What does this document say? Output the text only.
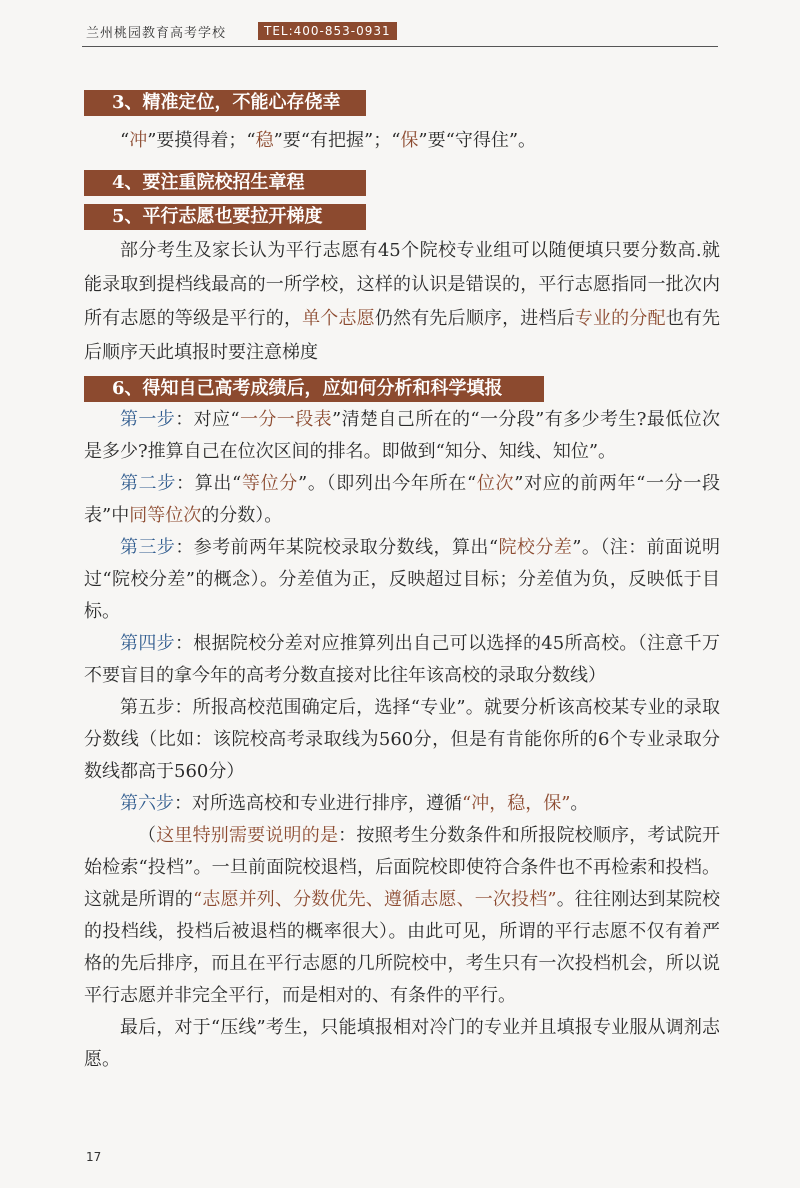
兰州桃园教育高考学校	TEL:400-853-0931
3、精准定位，不能心存侥幸

“冲”要摸得着；“稳”要“有把握”；“保”要“守得住”。

4、要注重院校招生章程
5、平行志愿也要拉开梯度

部分考生及家长认为平行志愿有45个院校专业组可以随便填只要分数高.就能录取到提档线最高的一所学校，这样的认识是错误的，平行志愿指同一批次内所有志愿的等级是平行的，单个志愿仍然有先后顺序，进档后专业的分配也有先后顺序天此填报时要注意梯度

6、得知自己高考成绩后，应如何分析和科学填报

第一步：对应“一分一段表”清楚自己所在的“一分段”有多少考生?最低位次是多少?推算自己在位次区间的排名。即做到“知分、知线、知位”。

第二步：算出“等位分”。（即列出今年所在“位次”对应的前两年“一分一段表”中同等位次的分数）。

第三步：参考前两年某院校录取分数线，算出“院校分差”。（注：前面说明过“院校分差”的概念）。分差值为正，反映超过目标；分差值为负，反映低于目标。

第四步：根据院校分差对应推算列出自己可以选择的45所高校。（注意千万不要盲目的拿今年的高考分数直接对比往年该高校的录取分数线）

第五步：所报高校范围确定后，选择“专业”。就要分析该高校某专业的录取分数线（比如：该院校高考录取线为560分，但是有肯能你所的6个专业录取分数线都高于560分）

第六步：对所选高校和专业进行排序，遵循“冲，稳，保”。

（这里特别需要说明的是：按照考生分数条件和所报院校顺序，考试院开始检索“投档”。一旦前面院校退档，后面院校即使符合条件也不再检索和投档。这就是所谓的“志愿并列、分数优先、遵循志愿、一次投档”。往往刚达到某院校的投档线，投档后被退档的概率很大）。由此可见，所谓的平行志愿不仅有着严格的先后排序，而且在平行志愿的几所院校中，考生只有一次投档机会，所以说平行志愿并非完全平行，而是相对的、有条件的平行。

最后，对于“压线”考生，只能填报相对冷门的专业并且填报专业服从调剂志愿。

17
